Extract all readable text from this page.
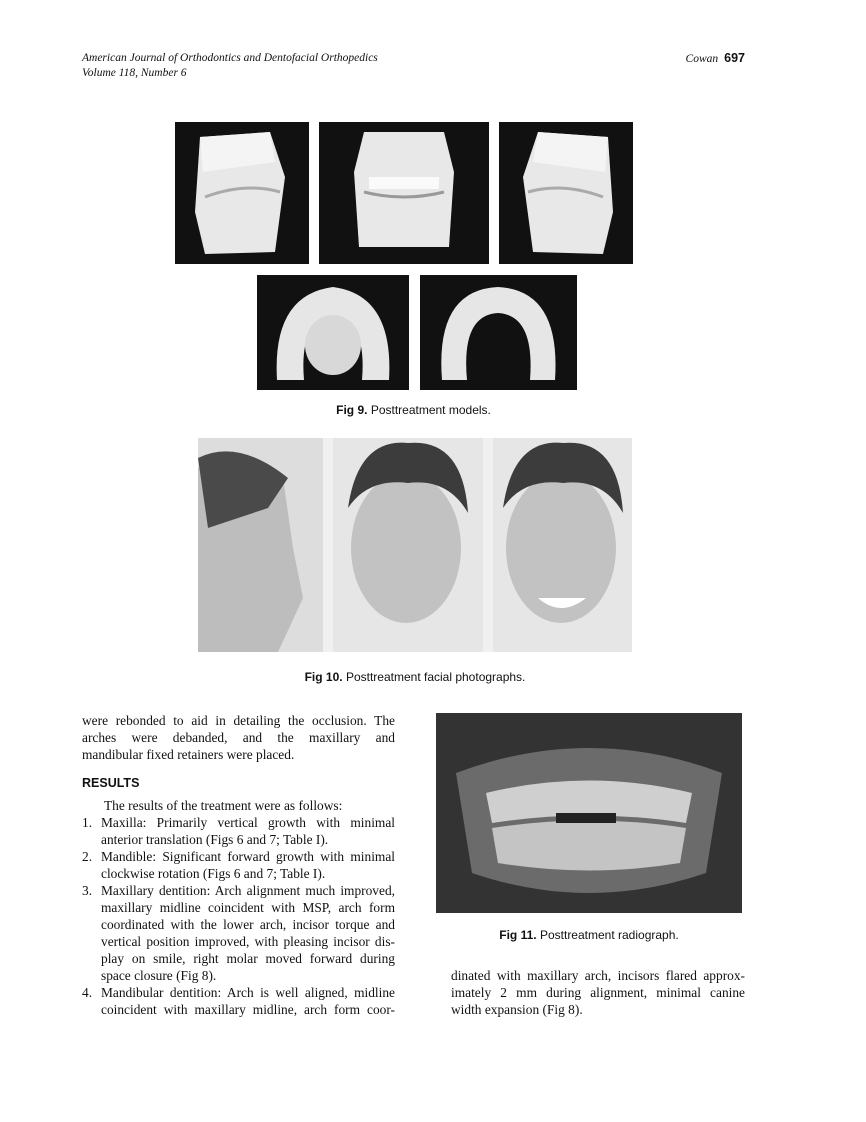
American Journal of Orthodontics and Dentofacial Orthopedics
Volume 118, Number 6
Cowan 697
Fig 9. Posttreatment models.
Fig 10. Posttreatment facial photographs.
Fig 11. Posttreatment radiograph.
were rebonded to aid in detailing the occlusion. The
arches were debanded, and the maxillary and
mandibular fixed retainers were placed.
RESULTS
The results of the treatment were as follows:
1. Maxilla: Primarily vertical growth with minimal
anterior translation (Figs 6 and 7; Table I).
2. Mandible: Significant forward growth with minimal
clockwise rotation (Figs 6 and 7; Table I).
3. Maxillary dentition: Arch alignment much improved,
maxillary midline coincident with MSP, arch form
coordinated with the lower arch, incisor torque and
vertical position improved, with pleasing incisor dis-
play on smile, right molar moved forward during
space closure (Fig 8).
4. Mandibular dentition: Arch is well aligned, midline
coincident with maxillary midline, arch form coor-
dinated with maxillary arch, incisors flared approx-
imately 2 mm during alignment, minimal canine
width expansion (Fig 8).
